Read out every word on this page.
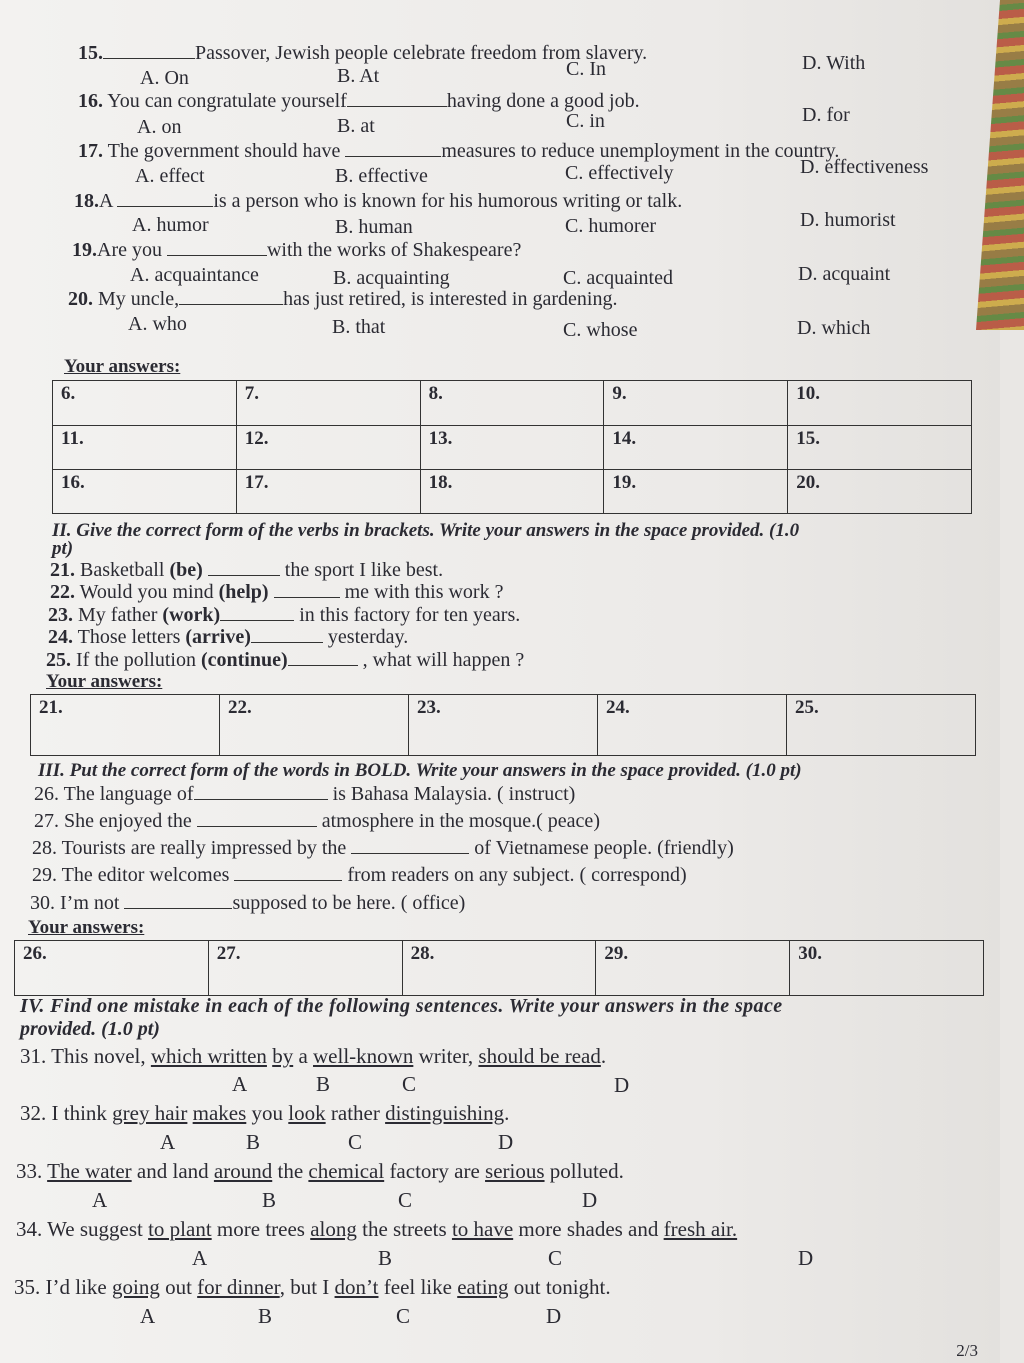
15.	Passover, Jewish people celebrate freedom from slavery.
A. On	B. At	C. In	D. With
16. You can congratulate yourself	having done a good job.
A. on	B. at	C. in	D. for
17. The government should have	measures to reduce unemployment in the country.
A. effect	B. effective	C. effectively	D. effectiveness
18.A	is a person who is known for his humorous writing or talk.
A. humor	B. human	C. humorer	D. humorist
19.Are you	with the works of Shakespeare?
A. acquaintance	B. acquainting	C. acquainted	D. acquaint
20. My uncle,	has just retired, is interested in gardening.
A. who	B. that	C. whose	D. which
Your answers:
6.	7.	8.	9.	10.
11.	12.	13.	14.	15.
16.	17.	18.	19.	20.
II. Give the correct form of the verbs in brackets. Write your answers in the space provided. (1.0
pt)
21. Basketball (be)	the sport I like best.
22. Would you mind (help)	me with this work ?
23. My father (work)	in this factory for ten years.
24. Those letters (arrive)	yesterday.
25. If the pollution (continue)	, what will happen ?
Your answers:
21.	22.	23.	24.	25.
III. Put the correct form of the words in BOLD. Write your answers in the space provided. (1.0 pt)
26. The language of	is Bahasa Malaysia. ( instruct)
27. She enjoyed the	atmosphere in the mosque.( peace)
28. Tourists are really impressed by the	of Vietnamese people. (friendly)
29. The editor welcomes	from readers on any subject. ( correspond)
30. I’m not	supposed to be here. ( office)
Your answers:
26.	27.	28.	29.	30.
IV. Find one mistake in each of the following sentences. Write your answers in the space
provided. (1.0 pt)
31. This novel, which written by a well-known writer, should be read.
A	B	C	D
32. I think grey hair makes you look rather distinguishing.
A	B	C	D
33. The water and land around the chemical factory are serious polluted.
A	B	C	D
34. We suggest to plant more trees along the streets to have more shades and fresh air.
A	B	C	D
35. I’d like going out for dinner, but I don’t feel like eating out tonight.
A	B	C	D
2/3
